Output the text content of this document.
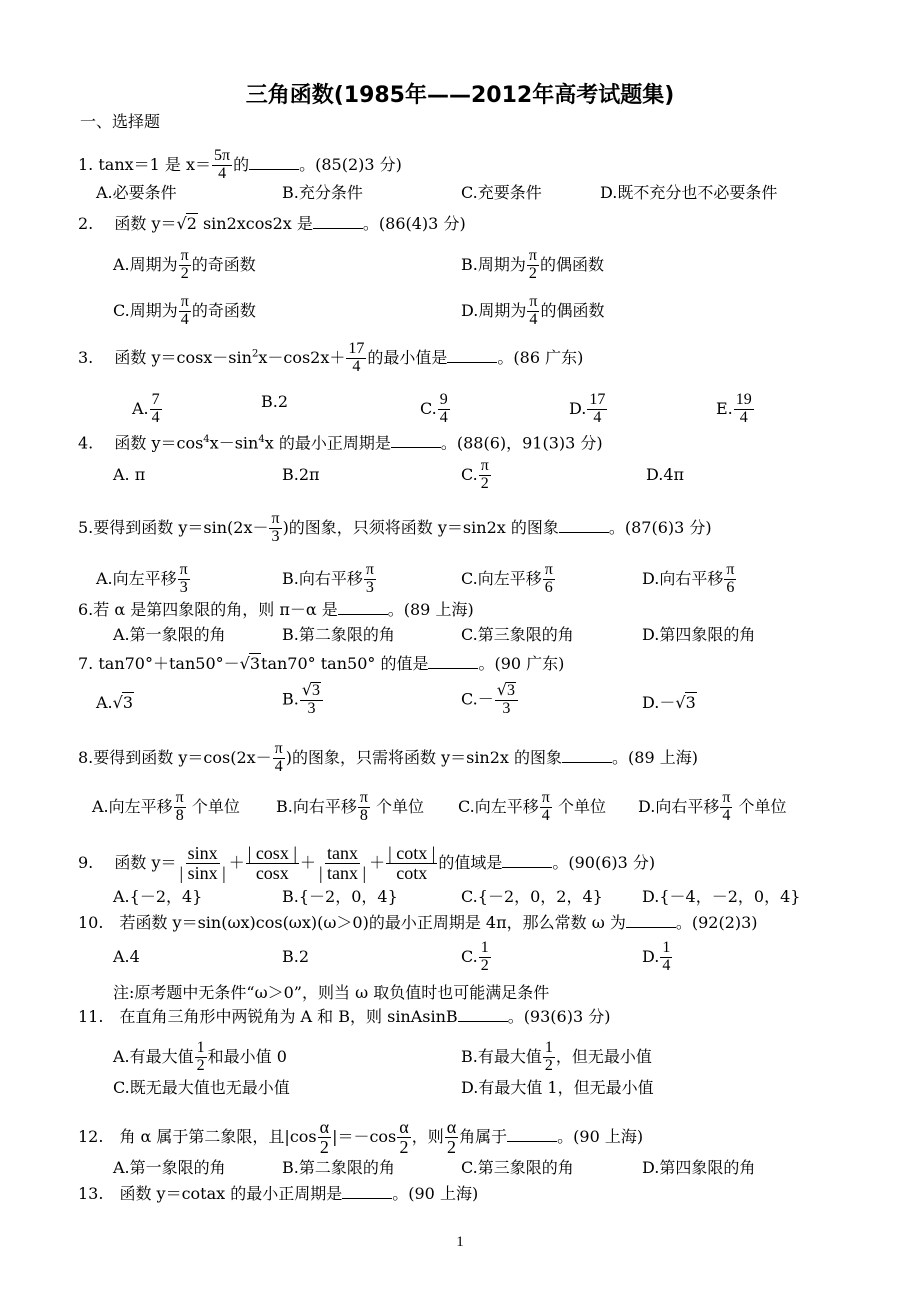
三角函数(1985年——2012年高考试题集)
一、选择题
1. tanx＝1 是 $x= \frac{5\pi}{4}$ 的	。(85(2)3 分)
A.必要条件	B.充分条件	C.充要条件	D.既不充分也不必要条件
2.　 函数 y＝√2 sin2xcos2x 是	。(86(4)3 分)
A.周期为 $\frac{\pi}{2}$ 的奇函数	B.周期为 $\frac{\pi}{2}$ 的偶函数
C.周期为 $\frac{\pi}{4}$ 的奇函数	D.周期为 $\frac{\pi}{4}$ 的偶函数
3.　 函数 $y=\cos x-\sin^2x-\cos 2x+ \frac{17}{4}$ 的最小值是	。(86 广东)
A. $\frac{7}{4}$	B.2	C. $\frac{9}{4}$	D. $\frac{17}{4}$	E. $\frac{19}{4}$
4.　 函数 $y=\cos^4x-\sin^4x$ 的最小正周期是	。(88(6)，91(3)3 分)
A. π	B.2π	C. $\frac{\pi}{2}$	D.4π
5.要得到函数 $y=\sin(2x- \frac{\pi}{3}$ )的图象，只须将函数 y＝sin2x 的图象	。(87(6)3 分)
A.向左平移 $\frac{\pi}{3}$	B.向右平移 $\frac{\pi}{3}$	C.向左平移 $\frac{\pi}{6}$	D.向右平移 $\frac{\pi}{6}$
6.若 α 是第四象限的角，则 π－α 是	。(89 上海)
A.第一象限的角	B.第二象限的角	C.第三象限的角	D.第四象限的角
7. tan70°＋tan50°－√3tan70° tan50° 的值是	。(90 广东)
A.√3	B. $\frac{√3}{3}$	$C.- \frac{√3}{3}$	D.－√3
8.要得到函数 $y=\cos(2x- \frac{\pi}{4}$ )的图象，只需将函数 y＝sin2x 的图象	。(89 上海)
A.向左平移 $\frac{\pi}{8}$ 个单位 B.向右平移 $\frac{\pi}{8}$ 个单位 C.向左平移 $\frac{\pi}{4}$ 个单位 D.向右平移 $\frac{\pi}{4}$ 个单位
9.　 函数 $y= \frac{\sin x}{| \sin x |} + \frac{| \cos x |}{\cos x} + \frac{\tan x}{| \tan x |} + \frac{| \cot x |}{\cot x}$ 的值域是	。(90(6)3 分)
A.{－2，4}	B.{－2，0，4}	C.{－2，0，2，4} D.{－4，－2，0，4}
10.　若函数 y＝sin(ωx)cos(ωx)(ω＞0)的最小正周期是 4π，那么常数 ω 为	。(92(2)3)
A.4	B.2	C. $\frac{1}{2}$	D. $\frac{1}{4}$
注:原考题中无条件“ω＞0”，则当 ω 取负值时也可能满足条件
11.　在直角三角形中两锐角为 A 和 B，则 sinAsinB	。(93(6)3 分)
A.有最大值 $\frac{1}{2}$ 和最小值 0	B.有最大值 $\frac{1}{2}$ ，但无最小值
C.既无最大值也无最小值	D.有最大值 1，但无最小值
12.　角 α 属于第二象限，且$|\cos \frac{\alpha}{2} |=-\cos \frac{\alpha}{2}$ ，则 $\frac{\alpha}{2}$ 角属于	。(90 上海)
A.第一象限的角	B.第二象限的角	C.第三象限的角	D.第四象限的角
13.　函数 y＝cotax 的最小正周期是	。(90 上海)
1
